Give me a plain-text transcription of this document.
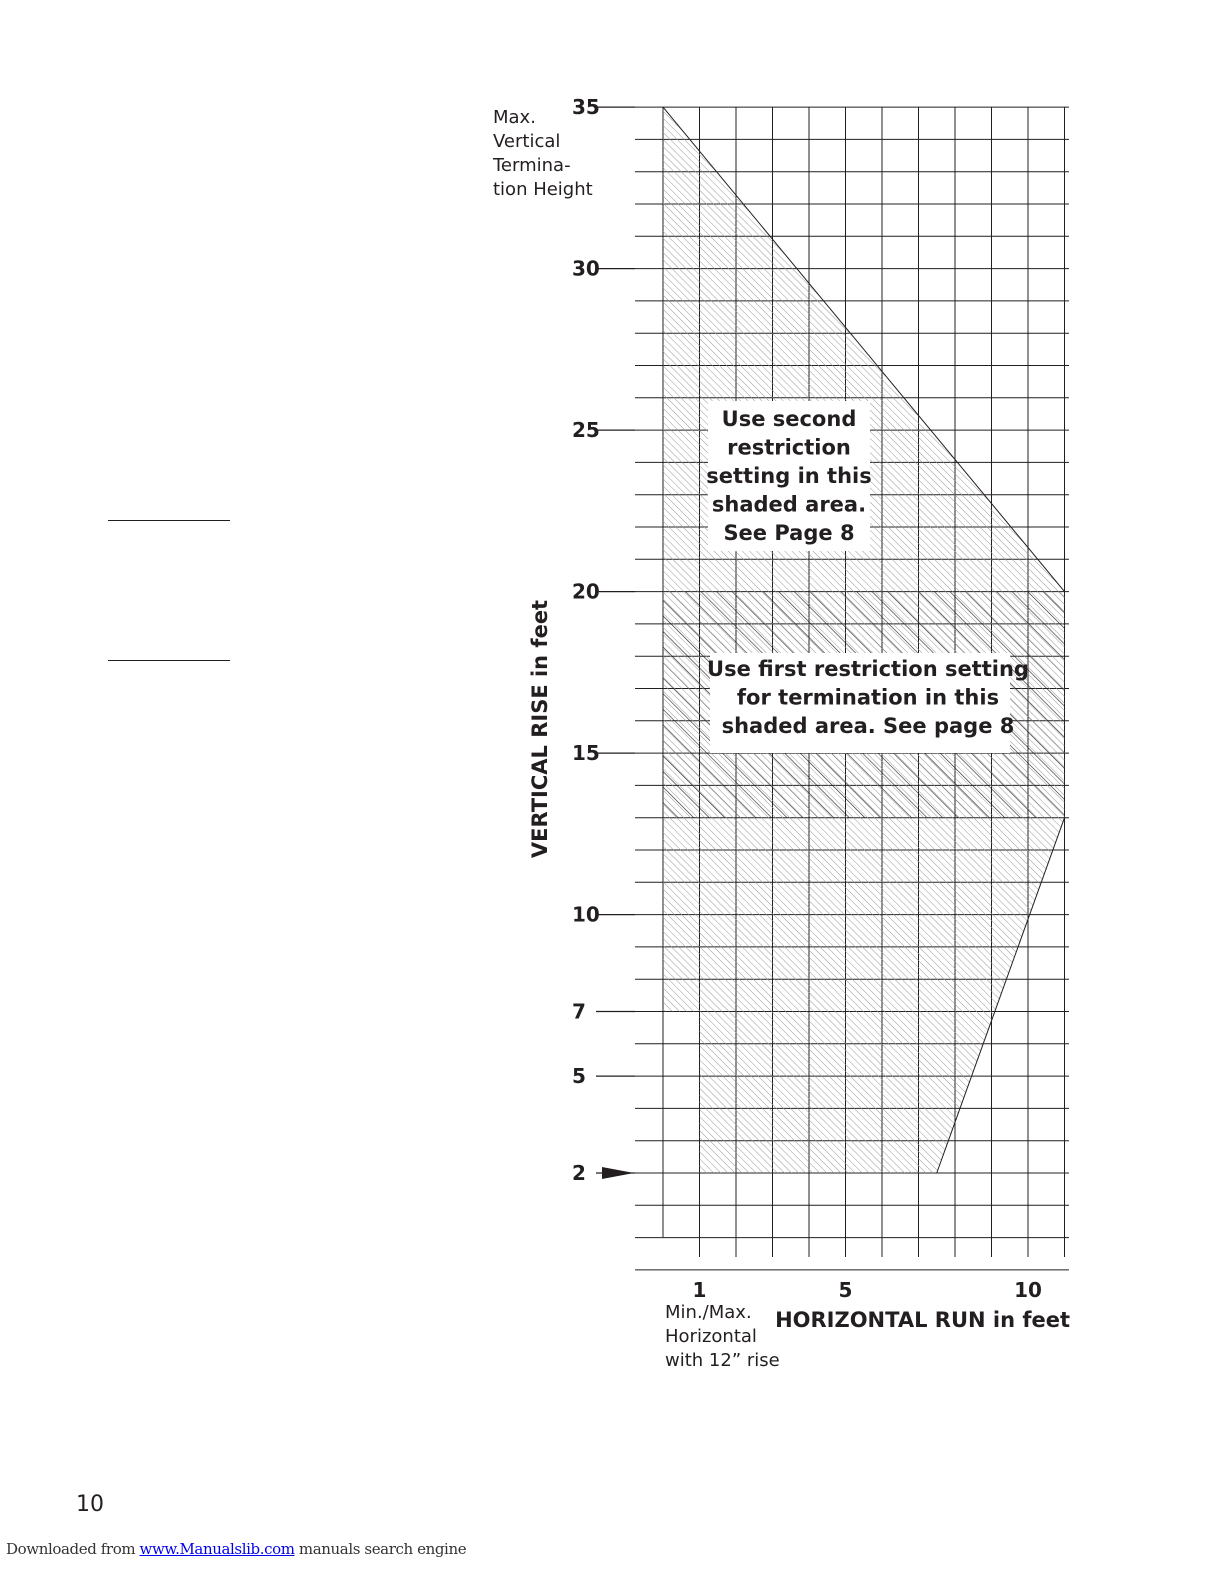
35
30
25
20
15
10
7
5
2
1	5	10
VERTICAL RISE in feet
HORIZONTAL RUN in feet
Max.
Vertical
Termina-
tion Height
Min./Max.
Horizontal
with 12” rise
Use second
restriction
setting in this
shaded area.
See Page 8
Use first restriction setting
for termination in this
shaded area. See page 8
10
Downloaded from www.Manualslib.com manuals search engine
